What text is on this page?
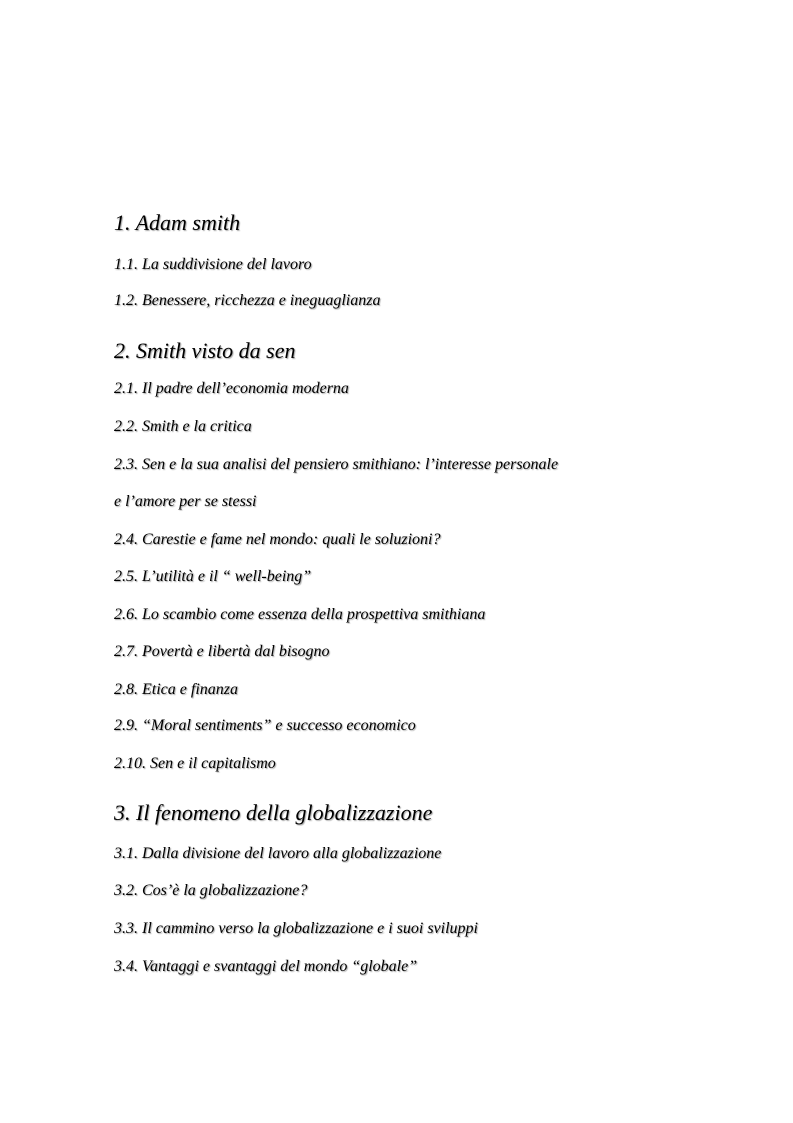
1. Adam smith
1.1. La suddivisione del lavoro
1.2. Benessere, ricchezza e ineguaglianza
2. Smith visto da sen
2.1. Il padre dell’economia moderna
2.2. Smith e la critica
2.3. Sen e la sua analisi del pensiero smithiano: l’interesse personale
e l’amore per se stessi
2.4. Carestie e fame nel mondo: quali le soluzioni?
2.5. L’utilità e il “ well-being”
2.6. Lo scambio come essenza della prospettiva smithiana
2.7. Povertà e libertà dal bisogno
2.8. Etica e finanza
2.9. “Moral sentiments” e successo economico
2.10. Sen e il capitalismo
3. Il fenomeno della globalizzazione
3.1. Dalla divisione del lavoro alla globalizzazione
3.2. Cos’è la globalizzazione?
3.3. Il cammino verso la globalizzazione e i suoi sviluppi
3.4. Vantaggi e svantaggi del mondo “globale”
